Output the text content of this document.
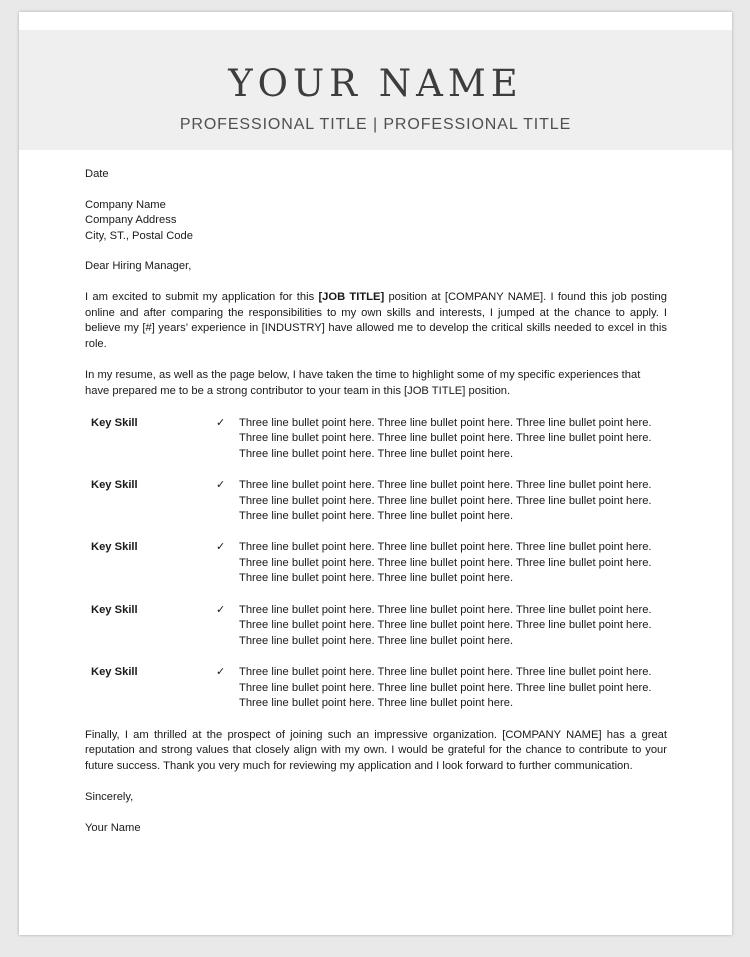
YOUR NAME
PROFESSIONAL TITLE | PROFESSIONAL TITLE

Date

Company Name

Company Address

City, ST., Postal Code

Dear Hiring Manager,

I am excited to submit my application for this [JOB TITLE] position at [COMPANY NAME]. I found this job posting online and after comparing the responsibilities to my own skills and interests, I jumped at the chance to apply. I believe my [#] years’ experience in [INDUSTRY] have allowed me to develop the critical skills needed to excel in this role.

In my resume, as well as the page below, I have taken the time to highlight some of my specific experiences that have prepared me to be a strong contributor to your team in this [JOB TITLE] position.

Key Skill	✓	Three line bullet point here. Three line bullet point here. Three line bullet point here. Three line bullet point here. Three line bullet point here. Three line bullet point here. Three line bullet point here. Three line bullet point here.
Key Skill	✓	Three line bullet point here. Three line bullet point here. Three line bullet point here. Three line bullet point here. Three line bullet point here. Three line bullet point here. Three line bullet point here. Three line bullet point here.
Key Skill	✓	Three line bullet point here. Three line bullet point here. Three line bullet point here. Three line bullet point here. Three line bullet point here. Three line bullet point here. Three line bullet point here. Three line bullet point here.
Key Skill	✓	Three line bullet point here. Three line bullet point here. Three line bullet point here. Three line bullet point here. Three line bullet point here. Three line bullet point here. Three line bullet point here. Three line bullet point here.
Key Skill	✓	Three line bullet point here. Three line bullet point here. Three line bullet point here. Three line bullet point here. Three line bullet point here. Three line bullet point here. Three line bullet point here. Three line bullet point here.

Finally, I am thrilled at the prospect of joining such an impressive organization. [COMPANY NAME] has a great reputation and strong values that closely align with my own. I would be grateful for the chance to contribute to your future success. Thank you very much for reviewing my application and I look forward to further communication.

Sincerely,

Your Name
